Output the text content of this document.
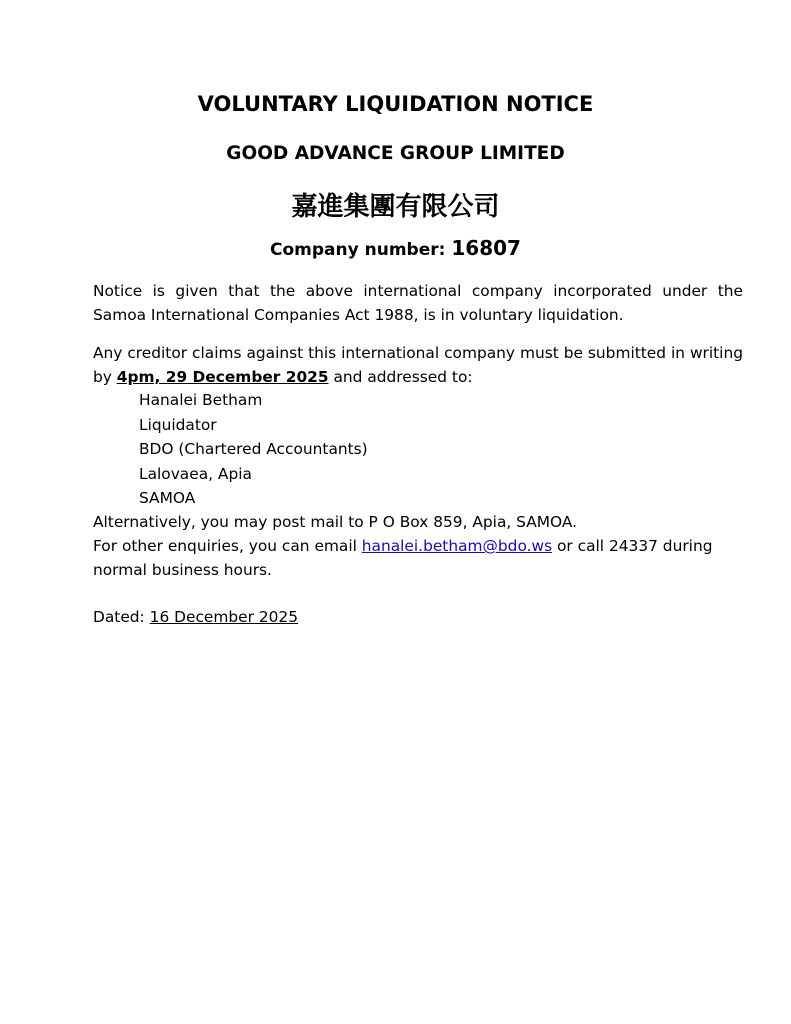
VOLUNTARY LIQUIDATION NOTICE
GOOD ADVANCE GROUP LIMITED
嘉進集團有限公司
Company number: 16807
Notice is given that the above international company incorporated under the Samoa International Companies Act 1988, is in voluntary liquidation.
Any creditor claims against this international company must be submitted in writing by 4pm, 29 December 2025 and addressed to:
Hanalei Betham
Liquidator
BDO (Chartered Accountants)
Lalovaea, Apia
SAMOA
Alternatively, you may post mail to P O Box 859, Apia, SAMOA.
For other enquiries, you can email hanalei.betham@bdo.ws or call 24337 during normal business hours.
Dated: 16 December 2025
